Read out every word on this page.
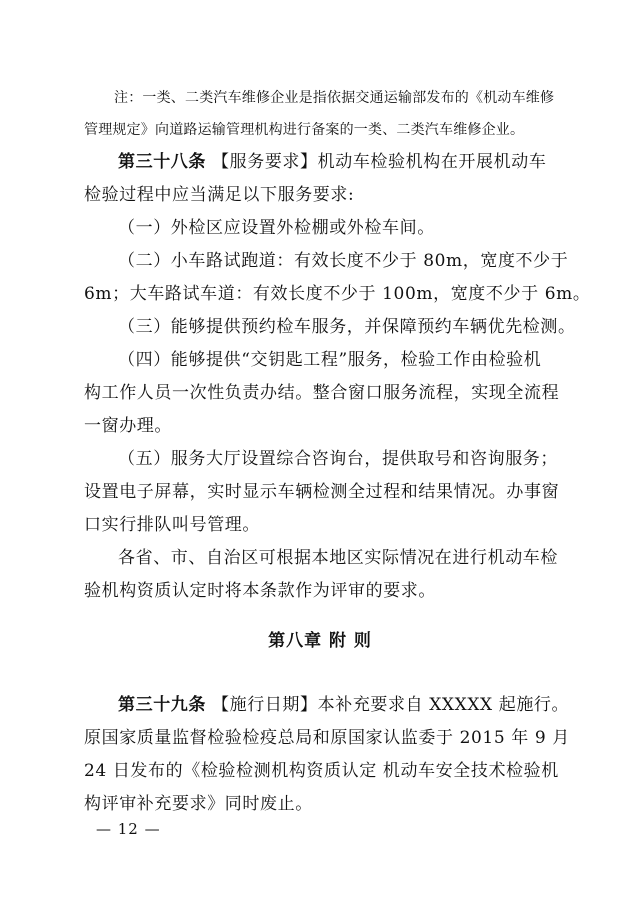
注：一类、二类汽车维修企业是指依据交通运输部发布的《机动车维修
管理规定》向道路运输管理机构进行备案的一类、二类汽车维修企业。
第三十八条 【服务要求】机动车检验机构在开展机动车
检验过程中应当满足以下服务要求:
（一）外检区应设置外检棚或外检车间。
（二）小车路试跑道：有效长度不少于 80m，宽度不少于
6m；大车路试车道：有效长度不少于 100m，宽度不少于 6m。
（三）能够提供预约检车服务，并保障预约车辆优先检测。
（四）能够提供“交钥匙工程”服务，检验工作由检验机
构工作人员一次性负责办结。整合窗口服务流程，实现全流程
一窗办理。
（五）服务大厅设置综合咨询台，提供取号和咨询服务；
设置电子屏幕，实时显示车辆检测全过程和结果情况。办事窗
口实行排队叫号管理。
各省、市、自治区可根据本地区实际情况在进行机动车检
验机构资质认定时将本条款作为评审的要求。
第八章 附 则
第三十九条 【施行日期】本补充要求自 XXXXX 起施行。
原国家质量监督检验检疫总局和原国家认监委于 2015 年 9 月
24 日发布的《检验检测机构资质认定 机动车安全技术检验机
构评审补充要求》同时废止。
— 12 —
